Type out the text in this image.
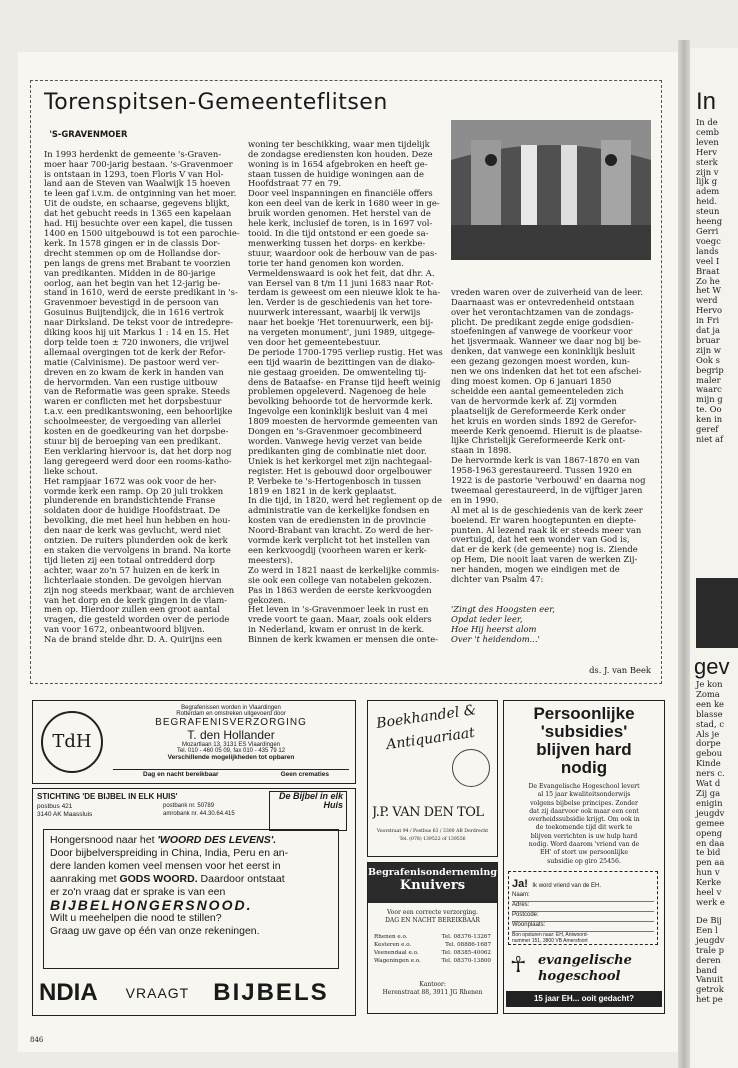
Torenspitsen-Gemeenteflitsen

'S-GRAVENMOER

In 1993 herdenkt de gemeente 's-Graven-
moer haar 700-jarig bestaan. 's-Gravenmoer
is ontstaan in 1293, toen Floris V van Hol-
land aan de Steven van Waalwijk 15 hoeven
te leen gaf i.v.m. de ontginning van het moer.
Uit de oudste, en schaarse, gegevens blijkt,
dat het gebucht reeds in 1365 een kapelaan
had. Hij besuchte over een kapel, die tussen
1400 en 1500 uitgebouwd is tot een parochie-
kerk. In 1578 gingen er in de classis Dor-
drecht stemmen op om de Hollandse dor-
pen langs de grens met Brabant te voorzien
van predikanten. Midden in de 80-jarige
oorlog, aan het begin van het 12-jarig be-
stand in 1610, werd de eerste predikant in 's-
Gravenmoer bevestigd in de persoon van
Gosuinus Buijtendijck, die in 1616 vertrok
naar Dirksland. De tekst voor de intredepre-
diking koos hij uit Markus 1 : 14 en 15. Het
dorp telde toen ± 720 inwoners, die vrijwel
allemaal overgingen tot de kerk der Refor-
matie (Calvinisme). De pastoor werd ver-
dreven en zo kwam de kerk in handen van
de hervormden. Van een rustige uitbouw
van de Reformatie was geen sprake. Steeds
waren er conflicten met het dorpsbestuur
t.a.v. een predikantswoning, een behoorlijke
schoolmeester, de vergoeding van allerlei
kosten en de goedkeuring van het dorpsbe-
stuur bij de beroeping van een predikant.
Een verklaring hiervoor is, dat het dorp nog
lang geregeerd werd door een rooms-katho-
lieke schout.
Het rampjaar 1672 was ook voor de her-
vormde kerk een ramp. Op 20 juli trokken
plunderende en brandstichtende Franse
soldaten door de huidige Hoofdstraat. De
bevolking, die met heel hun hebben en hou-
den naar de kerk was gevlucht, werd niet
ontzien. De ruiters plunderden ook de kerk
en staken die vervolgens in brand. Na korte
tijd lieten zij een totaal ontredderd dorp
achter, waar zo'n 57 huizen en de kerk in
lichterlaaie stonden. De gevolgen hiervan
zijn nog steeds merkbaar, want de archieven
van het dorp en de kerk gingen in de vlam-
men op. Hierdoor zullen een groot aantal
vragen, die gesteld worden over de periode
van voor 1672, onbeantwoord blijven.
Na de brand stelde dhr. D. A. Quirijns een

woning ter beschikking, waar men tijdelijk
de zondagse erediensten kon houden. Deze
woning is in 1654 afgebroken en heeft ge-
staan tussen de huidige woningen aan de
Hoofdstraat 77 en 79.
Door veel inspanningen en financiële offers
kon een deel van de kerk in 1680 weer in ge-
bruik worden genomen. Het herstel van de
hele kerk, inclusief de toren, is in 1697 vol-
tooid. In die tijd ontstond er een goede sa-
menwerking tussen het dorps- en kerkbe-
stuur, waardoor ook de herbouw van de pas-
torie ter hand genomen kon worden.
Vermeldenswaard is ook het feit, dat dhr. A.
van Eersel van 8 t/m 11 juni 1683 naar Rot-
terdam is geweest om een nieuwe klok te ha-
len. Verder is de geschiedenis van het tore-
nuurwerk interessant, waarbij ik verwijs
naar het boekje 'Het torenuurwerk, een bij-
na vergeten monument', juni 1989, uitgege-
ven door het gemeentebestuur.
De periode 1700-1795 verliep rustig. Het was
een tijd waarin de bezittingen van de diako-
nie gestaag groeiden. De omwenteling tij-
dens de Bataafse- en Franse tijd heeft weinig
problemen opgeleverd. Nagenoeg de hele
bevolking behoorde tot de hervormde kerk.
Ingevolge een koninklijk besluit van 4 mei
1809 moesten de hervormde gemeenten van
Dongen en 's-Gravenmoer gecombineerd
worden. Vanwege hevig verzet van beide
predikanten ging de combinatie niet door.
Uniek is het kerkorgel met zijn nachtegaal-
register. Het is gebouwd door orgelbouwer
P. Verbeke te 's-Hertogenbosch in tussen
1819 en 1821 in de kerk geplaatst.
In die tijd, in 1820, werd het reglement op de
administratie van de kerkelijke fondsen en
kosten van de erediensten in de provincie
Noord-Brabant van kracht. Zo werd de her-
vormde kerk verplicht tot het instellen van
een kerkvoogdij (voorheen waren er kerk-
meesters).
Zo werd in 1821 naast de kerkelijke commis-
sie ook een college van notabelen gekozen.
Pas in 1863 werden de eerste kerkvoogden
gekozen.
Het leven in 's-Gravenmoer leek in rust en
vrede voort te gaan. Maar, zoals ook elders
in Nederland, kwam er onrust in de kerk.
Binnen de kerk kwamen er mensen die onte-

vreden waren over de zuiverheid van de leer.
Daarnaast was er ontevredenheid ontstaan
over het verontachtzamen van de zondags-
plicht. De predikant zegde enige godsdien-
stoefeningen af vanwege de voorkeur voor
het ijsvermaak. Wanneer we daar nog bij be-
denken, dat vanwege een koninklijk besluit
een gezang gezongen moest worden, kun-
nen we ons indenken dat het tot een afschei-
ding moest komen. Op 6 januari 1850
scheidde een aantal gemeenteleden zich
van de hervormde kerk af. Zij vormden
plaatselijk de Gereformeerde Kerk onder
het kruis en worden sinds 1892 de Gerefor-
meerde Kerk genoemd. Hieruit is de plaatse-
lijke Christelijk Gereformeerde Kerk ont-
staan in 1898.
De hervormde kerk is van 1867-1870 en van
1958-1963 gerestaureerd. Tussen 1920 en
1922 is de pastorie 'verbouwd' en daarna nog
tweemaal gerestaureerd, in de vijftiger jaren
en in 1990.
Al met al is de geschiedenis van de kerk zeer
boeiend. Er waren hoogtepunten en diepte-
punten. Al lezend raak ik er steeds meer van
overtuigd, dat het een wonder van God is,
dat er de kerk (de gemeente) nog is. Ziende
op Hem, Die nooit laat varen de werken Zij-
ner handen, mogen we eindigen met de
dichter van Psalm 47:

'Zingt des Hoogsten eer,
Opdat ieder leer,
Hoe Hij heerst alom
Over 't heidendom...'

ds. J. van Beek

TdH
Begrafenissen worden in Vlaardingen
Rotterdam en omstreken uitgevoerd door
BEGRAFENISVERZORGING
T. den Hollander
Mozartlaan 13, 3131 ES Vlaardingen
Tel. 010 - 460 05 09, fax 010 - 435 79 12
Verschillende mogelijkheden tot opbaren
Dag en nacht bereikbaar	Geen crematies
STICHTING 'DE BIJBEL IN ELK HUIS'
postbus 421
3140 AK Maassluis
postbank nr. 50789
amrobank nr. 44.30.64.415
De Bijbel in elk Huis
Hongersnood naar het 'WOORD DES LEVENS'.
Door bijbelverspreiding in China, India, Peru en an-
dere landen komen veel mensen voor het eerst in
aanraking met GODS WOORD. Daardoor ontstaat
er zo'n vraag dat er sprake is van een
BIJBELHONGERSNOOD.
Wilt u meehelpen die nood te stillen?
Graag uw gave op één van onze rekeningen.
NDIA VRAAGT BIJBELS
Boekhandel &
Antiquariaat
J.P. VAN DEN TOL
Voorstraat 94 / Postbus 63 / 3300 AB Dordrecht
Tel. (078) 139522 of 139556
Begrafenisonderneming
Knuivers
Voor een correcte verzorging.
DAG EN NACHT BEREIKBAAR
Rhenen e.o.	Tel. 08376-13267
Kesteren e.o.	Tel. 08886-1687
Veenendaal e.o.	Tel. 08385-40062
Wageningen e.o.	Tel. 08370-13800
Kantoor:
Herenstraat 88, 3911 JG Rhenen
Persoonlijke
'subsidies'
blijven hard
nodig
De Evangelische Hogeschool levert
al 15 jaar kwaliteitsonderwijs
volgens bijbelse principes. Zonder
dat zij daarvoor ook maar een cent
overheidssubsidie krijgt. Om ook in
de toekomende tijd dit werk te
blijven verrichten is uw hulp hard
nodig. Word daarom 'vriend van de
EH' of stort uw persoonlijke
subsidie op giro 25456.
Ja! Ik word vriend van de EH.
Naam:
Adres:
Postcode:
Woonplaats:
Bon opsturen naar: EH, Antwoord-
nummer 151, 3800 VB Amersfoort
☥ evangelische
hogeschool
15 jaar EH... ooit gedacht?
846
In
In de
cemb
leven
Herv
sterk
zijn v
lijk g
adem
heid.
steun
heeng
Gerri
voegc
lands
veel I
Braat
Zo he
het W
werd
Hervo
in Fri
dat ja
bruar
zijn w
Ook s
begrip
maler
waarc
mijn g
te. Oo
ken in
geref
niet af
gev
Je kon
Zoma
een ke
blasse
stad, c
Als je
dorpe
gebou
Kinde
ners c.
Wat d
Zij ga
enigin
jeugdv
gemee
openg
en daa
te bid
pen aa
hun v
Kerke
heel v
werk e
De Bij
Een l
jeugdv
trale p
deren
band
Vanuit
getrok
het pe
